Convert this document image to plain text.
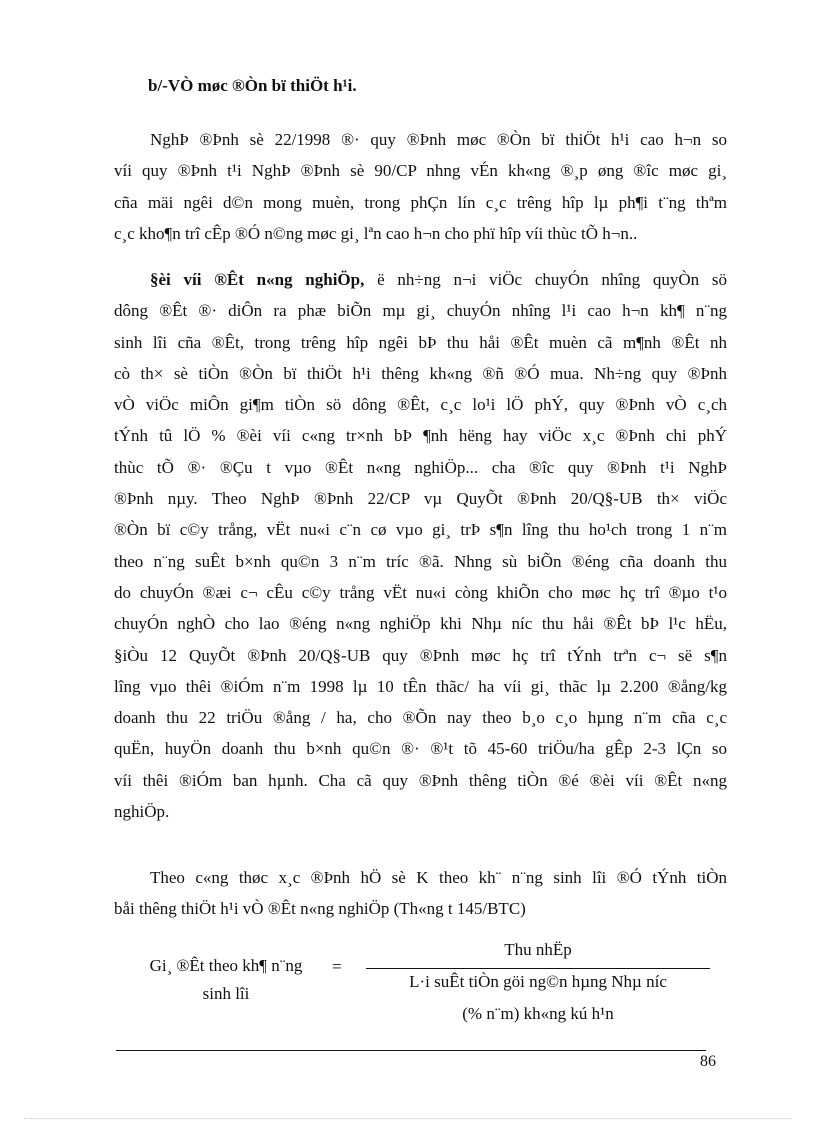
b/-VÒ møc ®Òn bï thiÖt h¹i.
NghÞ ®Þnh sè 22/1998 ®· quy ®Þnh møc ®Òn bï thiÖt h¹i cao h¬n so
víi quy ®Þnh t¹i NghÞ ®Þnh sè 90/CP nhng vÉn kh«ng ®¸p øng ®îc møc gi¸
cña mäi ngêi d©n mong muèn, trong phÇn lín c¸c trêng hîp lµ ph¶i t¨ng thªm
c¸c kho¶n trî cÊp ®Ó n©ng møc gi¸ lªn cao h¬n cho phï hîp víi thùc tÕ h¬n..
§èi víi ®Êt n«ng nghiÖp, ë nh÷ng n¬i viÖc chuyÓn nhîng quyÒn sö
dông ®Êt ®· diÔn ra phæ biÕn mµ gi¸ chuyÓn nhîng l¹i cao h¬n kh¶ n¨ng
sinh lîi cña ®Êt, trong trêng hîp ngêi bÞ thu håi ®Êt muèn cã m¶nh ®Êt nh
cò th× sè tiÒn ®Òn bï thiÖt h¹i thêng kh«ng ®ñ ®Ó mua. Nh÷ng quy ®Þnh
vÒ viÖc miÔn gi¶m tiÒn sö dông ®Êt, c¸c lo¹i lÖ phÝ, quy ®Þnh vÒ c¸ch
tÝnh tû lÖ % ®èi víi c«ng tr×nh bÞ ¶nh hëng hay viÖc x¸c ®Þnh chi phÝ
thùc tÕ ®· ®Çu t vµo ®Êt n«ng nghiÖp... cha ®îc quy ®Þnh t¹i NghÞ
®Þnh nµy. Theo NghÞ ®Þnh 22/CP vµ QuyÕt ®Þnh 20/Q§-UB th× viÖc
®Òn bï c©y trång, vËt nu«i c¨n cø vµo gi¸ trÞ s¶n lîng thu ho¹ch trong 1 n¨m
theo n¨ng suÊt b×nh qu©n 3 n¨m tríc ®ã. Nhng sù biÕn ®éng cña doanh thu
do chuyÓn ®æi c¬ cÊu c©y trång vËt nu«i còng khiÕn cho møc hç trî ®µo t¹o
chuyÓn nghÒ cho lao ®éng n«ng nghiÖp khi Nhµ níc thu håi ®Êt bÞ l¹c hËu,
§iÒu 12 QuyÕt ®Þnh 20/Q§-UB quy ®Þnh møc hç trî tÝnh trªn c¬ së s¶n
lîng vµo thêi ®iÓm n¨m 1998 lµ 10 tÊn thãc/ ha víi gi¸ thãc lµ 2.200 ®ång/kg
doanh thu 22 triÖu ®ång / ha, cho ®Õn nay theo b¸o c¸o hµng n¨m cña c¸c
quËn, huyÖn doanh thu b×nh qu©n ®· ®¹t tõ 45-60 triÖu/ha gÊp 2-3 lÇn so
víi thêi ®iÓm ban hµnh. Cha cã quy ®Þnh thêng tiÒn ®é ®èi víi ®Êt n«ng
nghiÖp.
Theo c«ng thøc x¸c ®Þnh hÖ sè K theo kh¨ n¨ng sinh lîi ®Ó tÝnh tiÒn
båi thêng thiÖt h¹i vÒ ®Êt n«ng nghiÖp (Th«ng t 145/BTC)
Gi¸ ®Êt theo kh¶ n¨ng
sinh lîi
=
Thu nhËp
L·i suÊt tiÒn göi ng©n hµng Nhµ níc
(% n¨m) kh«ng kú h¹n
86
